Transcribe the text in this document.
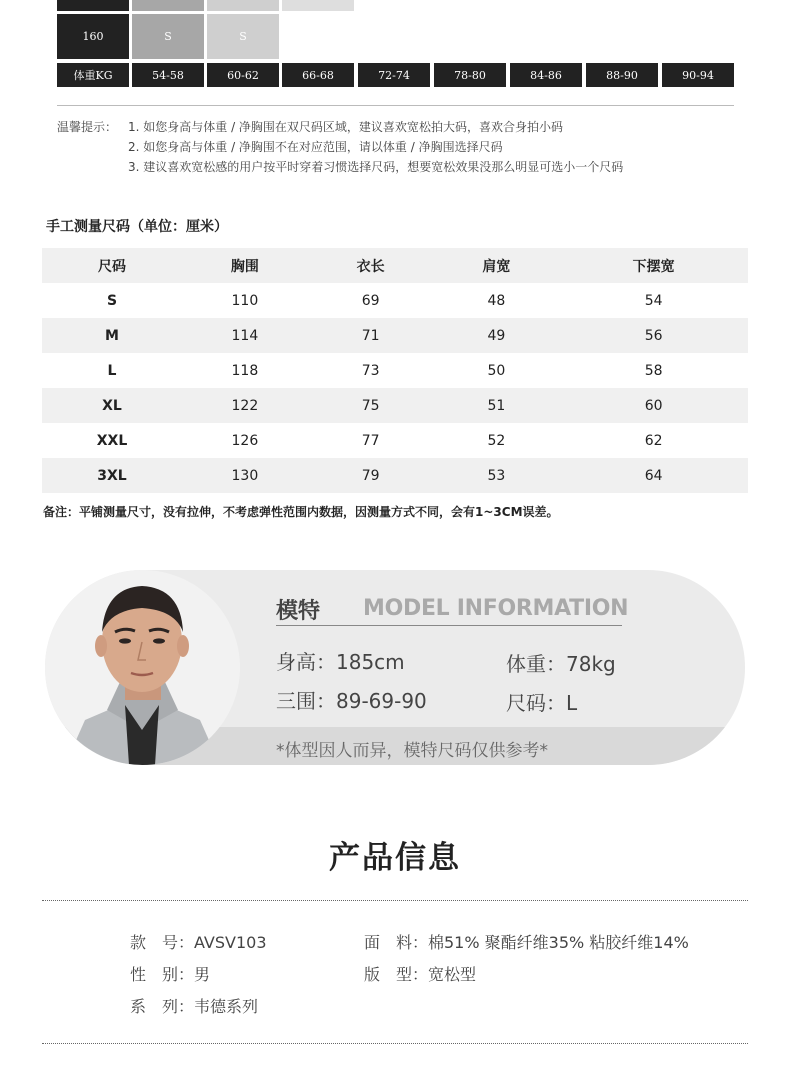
160	S	S
体重KG	54-58	60-62	66-68	72-74	78-80	84-86	88-90	90-94
温馨提示： 1. 如您身高与体重 / 净胸围在双尺码区域，建议喜欢宽松拍大码，喜欢合身拍小码
2. 如您身高与体重 / 净胸围不在对应范围，请以体重 / 净胸围选择尺码
3. 建议喜欢宽松感的用户按平时穿着习惯选择尺码，想要宽松效果没那么明显可选小一个尺码
手工测量尺码（单位：厘米）
尺码	胸围	衣长	肩宽	下摆宽
S	110	69	48	54
M	114	71	49	56
L	118	73	50	58
XL	122	75	51	60
XXL	126	77	52	62
3XL	130	79	53	64
备注：平铺测量尺寸，没有拉伸，不考虑弹性范围内数据，因测量方式不同，会有1~3CM误差。
模特 MODEL INFORMATION
身高：185cm	体重：78kg
三围：89-69-90	尺码：L
*体型因人而异，模特尺码仅供参考*
产品信息
款　号：AVSV103	面　料：棉51% 聚酯纤维35% 粘胶纤维14%
性　别：男	版　型：宽松型
系　列：韦德系列
